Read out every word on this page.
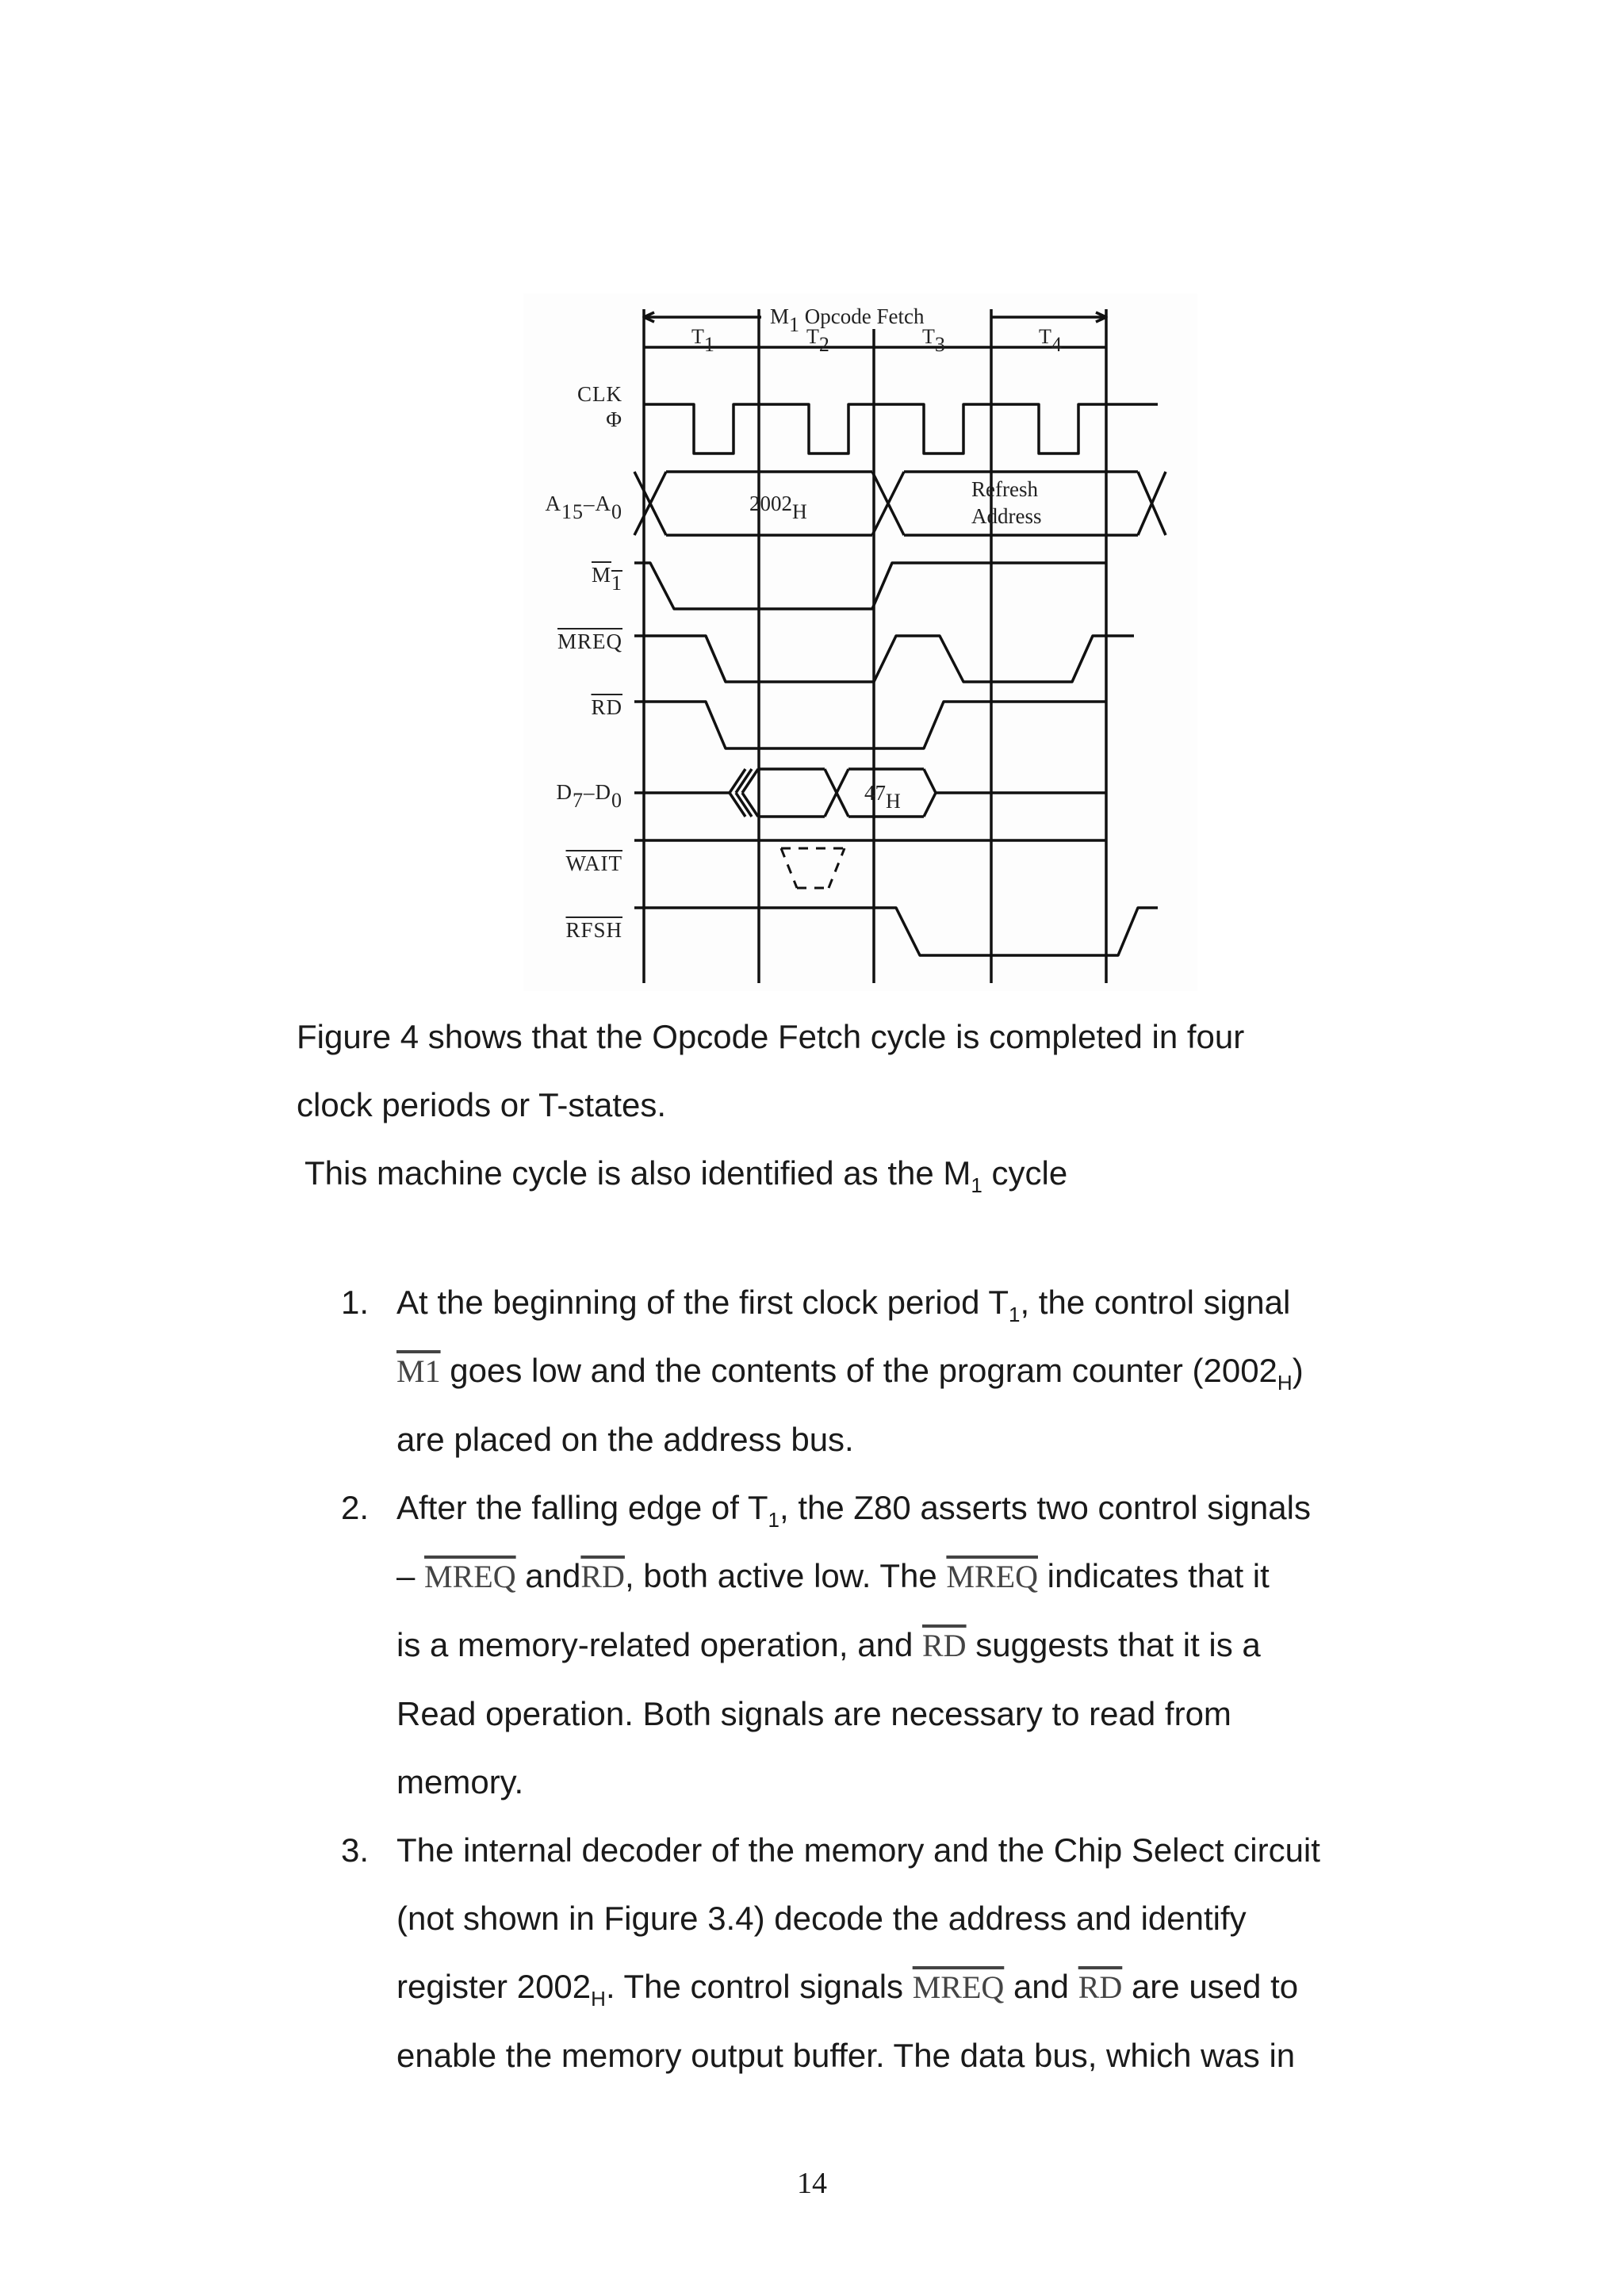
$M_1$ Opcode Fetch
$T_1$	$T_2$	$T_3$	$T_4$
CLK
Φ
$A_{15}-A_0$
$M_1$
MREQ
$\overline{RD}$
$D_7-D_0$
WAIT
RFSH
$2002_H$
Refresh
Address
$47_H$
Figure 4 shows that the Opcode Fetch cycle is completed in four
clock periods or T-states.
This machine cycle is also identified as the $M_1$ cycle
1. At the beginning of the first clock period $T_1$, the control signal
M1 goes low and the contents of the program counter $(2002_H)$
are placed on the address bus.
2. After the falling edge of $T_1$, the Z80 asserts two control signals
– MREQ $and\overline{RD}$, both active low. The MREQ indicates that it
is a memory-related operation, and $\overline{RD}$ suggests that it is a
Read operation. Both signals are necessary to read from
memory.
3. The internal decoder of the memory and the Chip Select circuit
(not shown in Figure 3.4) decode the address and identify
register $2002_H$. The control signals MREQ and $\overline{RD}$ are used to
enable the memory output buffer. The data bus, which was in
14
